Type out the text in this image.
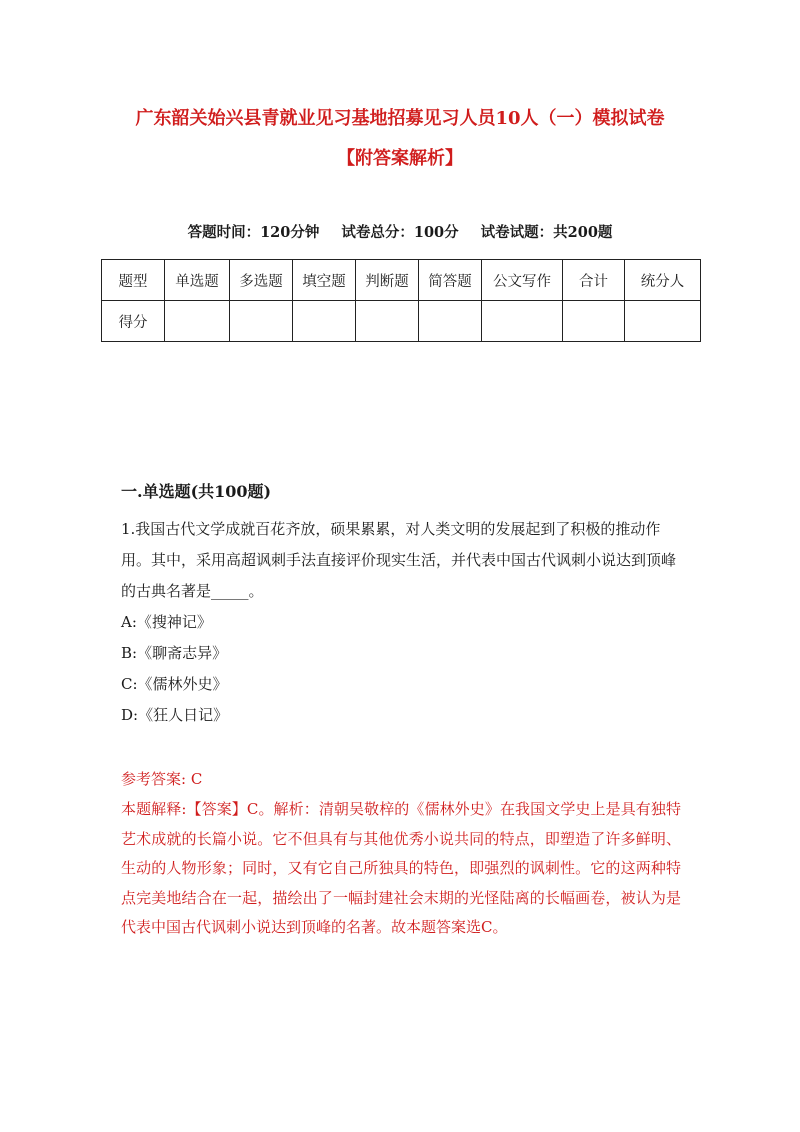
广东韶关始兴县青就业见习基地招募见习人员10人（一）模拟试卷
【附答案解析】
答题时间：120分钟 试卷总分：100分 试卷试题：共200题
题型	单选题	多选题	填空题	判断题	简答题	公文写作	合计	统分人
得分								
一.单选题(共100题)
1.我国古代文学成就百花齐放，硕果累累，对人类文明的发展起到了积极的推动作用。其中，采用高超讽刺手法直接评价现实生活，并代表中国古代讽刺小说达到顶峰的古典名著是_____。
A:《搜神记》
B:《聊斋志异》
C:《儒林外史》
D:《狂人日记》
参考答案: C
本题解释:【答案】C。解析：清朝吴敬梓的《儒林外史》在我国文学史上是具有独特艺术成就的长篇小说。它不但具有与其他优秀小说共同的特点，即塑造了许多鲜明、生动的人物形象；同时，又有它自己所独具的特色，即强烈的讽刺性。它的这两种特点完美地结合在一起，描绘出了一幅封建社会末期的光怪陆离的长幅画卷，被认为是代表中国古代讽刺小说达到顶峰的名著。故本题答案选C。
